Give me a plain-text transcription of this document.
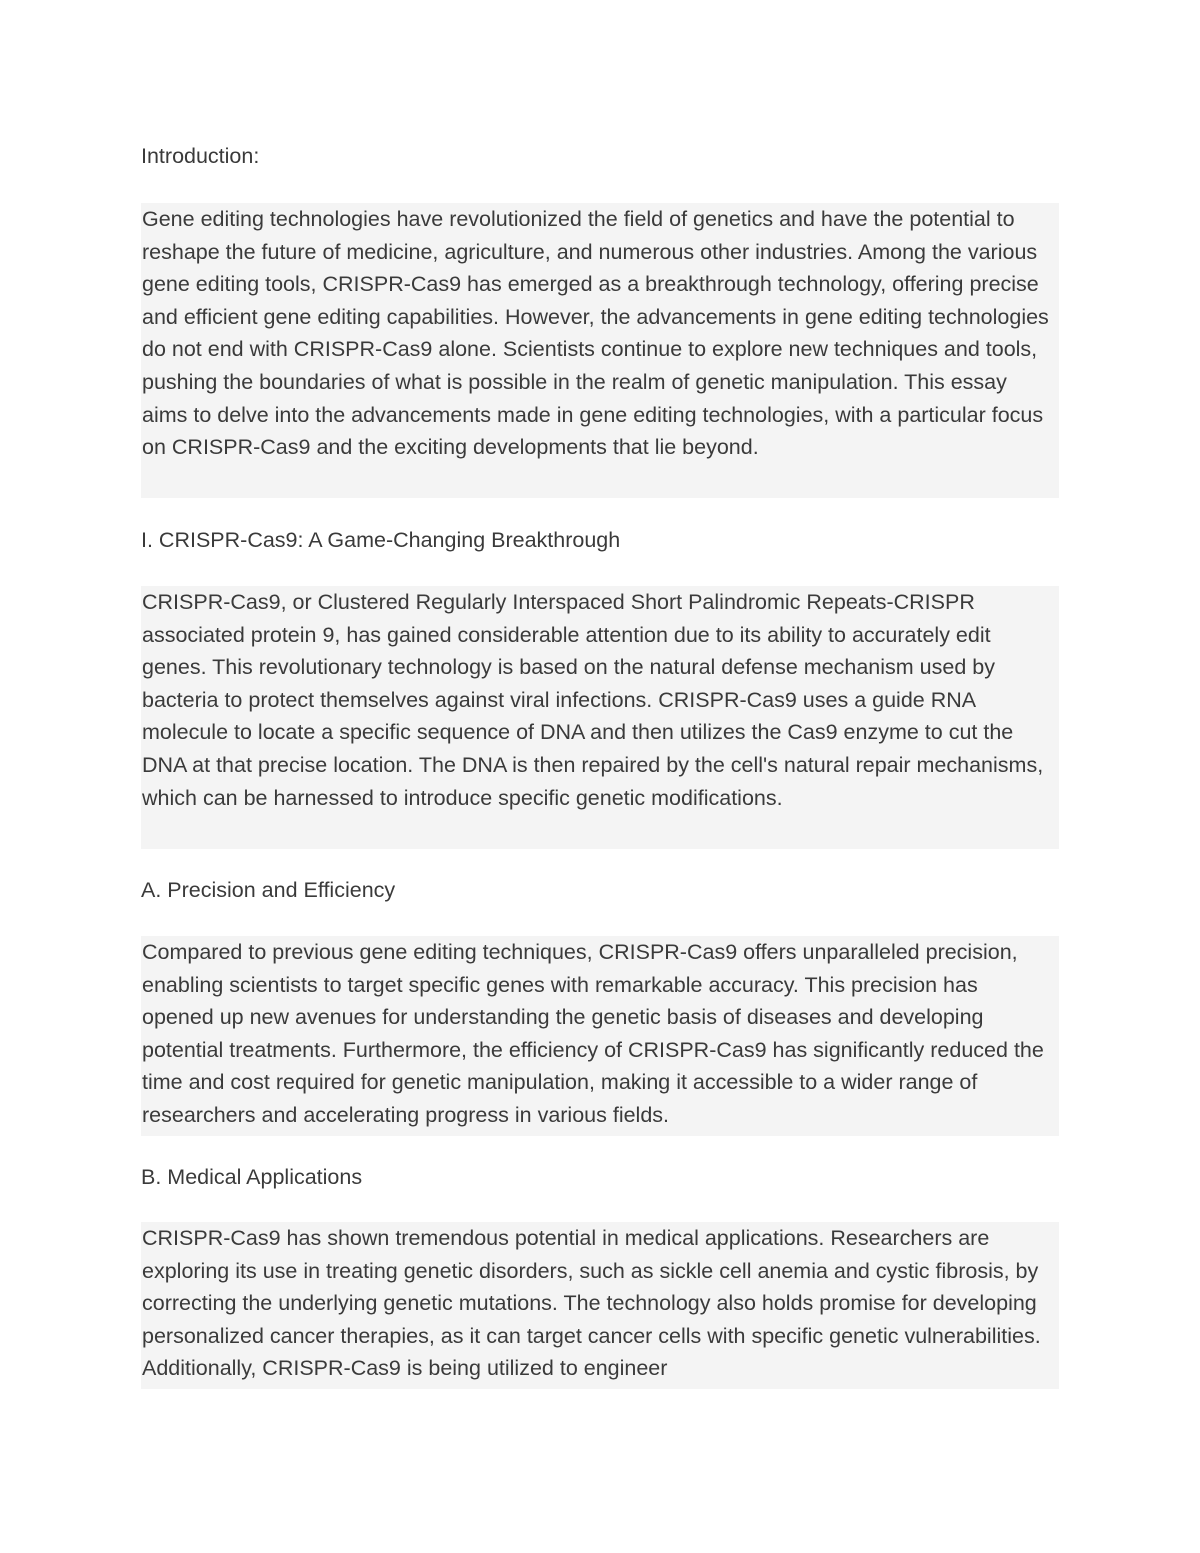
Introduction:

Gene editing technologies have revolutionized the field of genetics and have the potential to reshape the future of medicine, agriculture, and numerous other industries. Among the various gene editing tools, CRISPR-Cas9 has emerged as a breakthrough technology, offering precise and efficient gene editing capabilities. However, the advancements in gene editing technologies do not end with CRISPR-Cas9 alone. Scientists continue to explore new techniques and tools, pushing the boundaries of what is possible in the realm of genetic manipulation. This essay aims to delve into the advancements made in gene editing technologies, with a particular focus on CRISPR-Cas9 and the exciting developments that lie beyond.

I. CRISPR-Cas9: A Game-Changing Breakthrough

CRISPR-Cas9, or Clustered Regularly Interspaced Short Palindromic Repeats-CRISPR associated protein 9, has gained considerable attention due to its ability to accurately edit genes. This revolutionary technology is based on the natural defense mechanism used by bacteria to protect themselves against viral infections. CRISPR-Cas9 uses a guide RNA molecule to locate a specific sequence of DNA and then utilizes the Cas9 enzyme to cut the DNA at that precise location. The DNA is then repaired by the cell's natural repair mechanisms, which can be harnessed to introduce specific genetic modifications.

A. Precision and Efficiency

Compared to previous gene editing techniques, CRISPR-Cas9 offers unparalleled precision, enabling scientists to target specific genes with remarkable accuracy. This precision has opened up new avenues for understanding the genetic basis of diseases and developing potential treatments. Furthermore, the efficiency of CRISPR-Cas9 has significantly reduced the time and cost required for genetic manipulation, making it accessible to a wider range of researchers and accelerating progress in various fields.

B. Medical Applications

CRISPR-Cas9 has shown tremendous potential in medical applications. Researchers are exploring its use in treating genetic disorders, such as sickle cell anemia and cystic fibrosis, by correcting the underlying genetic mutations. The technology also holds promise for developing personalized cancer therapies, as it can target cancer cells with specific genetic vulnerabilities. Additionally, CRISPR-Cas9 is being utilized to engineer
